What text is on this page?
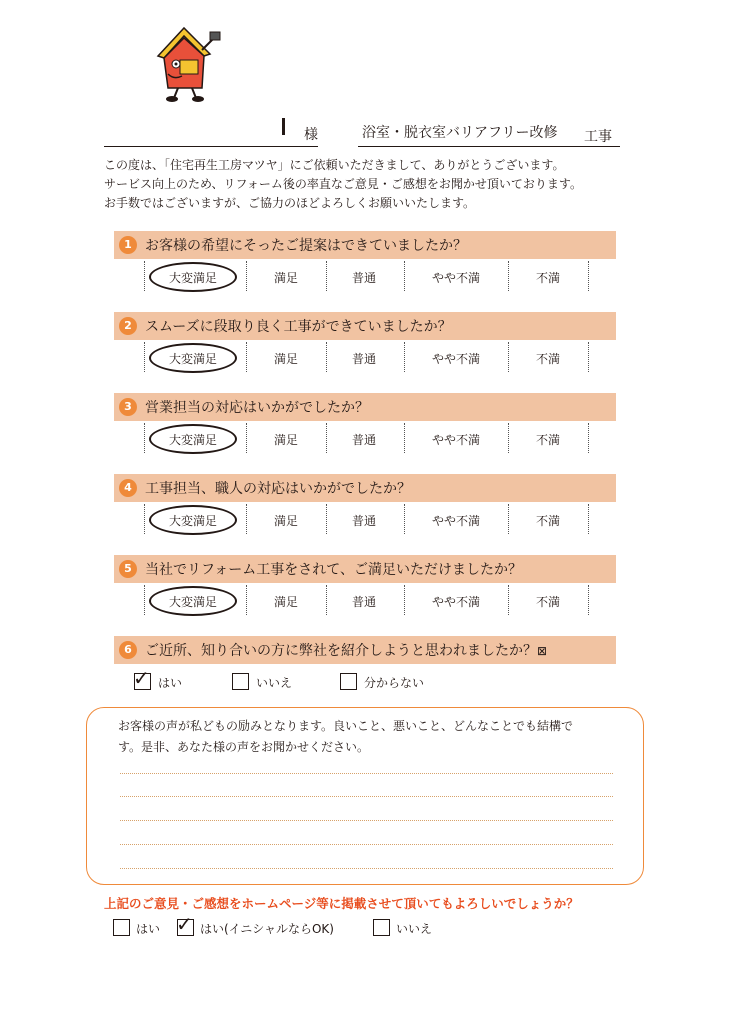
様	浴室・脱衣室バリアフリー改修 工事
この度は、「住宅再生工房マツヤ」にご依頼いただきまして、ありがとうございます。
サービス向上のため、リフォーム後の率直なご意見・ご感想をお聞かせ頂いております。
お手数ではございますが、ご協力のほどよろしくお願いいたします。
1 お客様の希望にそったご提案はできていましたか？
2 スムーズに段取り良く工事ができていましたか？
3 営業担当の対応はいかがでしたか？
4 工事担当、職人の対応はいかがでしたか？
5 当社でリフォーム工事をされて、ご満足いただけましたか？
大変満足	満足	普通	やや不満	不満
大変満足	満足	普通	やや不満	不満
大変満足	満足	普通	やや不満	不満
大変満足	満足	普通	やや不満	不満
大変満足	満足	普通	やや不満	不満
6 ご近所、知り合いの方に弊社を紹介しようと思われましたか？⊠
✓ はい	いいえ	分からない
お客様の声が私どもの励みとなります。良いこと、悪いこと、どんなことでも結構で
す。是非、あなた様の声をお聞かせください。
上記のご意見・ご感想をホームページ等に掲載させて頂いてもよろしいでしょうか？
はい ✓ はい(イニシャルならOK)	いいえ
